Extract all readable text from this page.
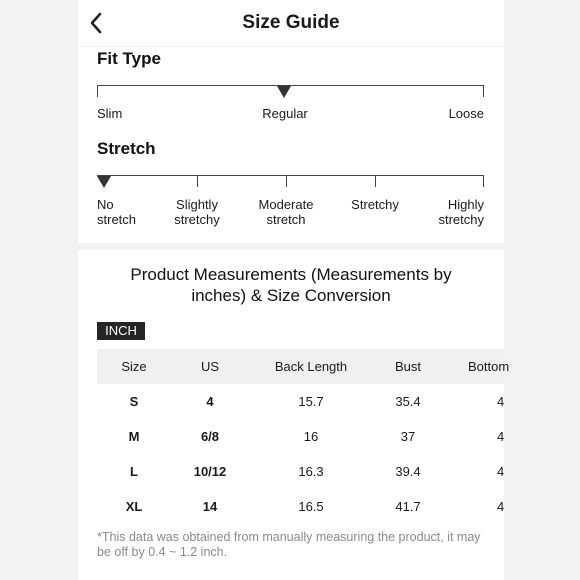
Size Guide
Fit Type
Slim	Regular	Loose
Stretch
No
stretch
Slightly
stretchy
Moderate
stretch
Stretchy	Highly
stretchy
Product Measurements (Measurements by inches) & Size Conversion
INCH
Size	US	Back Length	Bust	Bottom
S	4	15.7	35.4	4
M	6/8	16	37	4
L	10/12	16.3	39.4	4
XL	14	16.5	41.7	4
*This data was obtained from manually measuring the product, it may be off by 0.4 ~ 1.2 inch.
